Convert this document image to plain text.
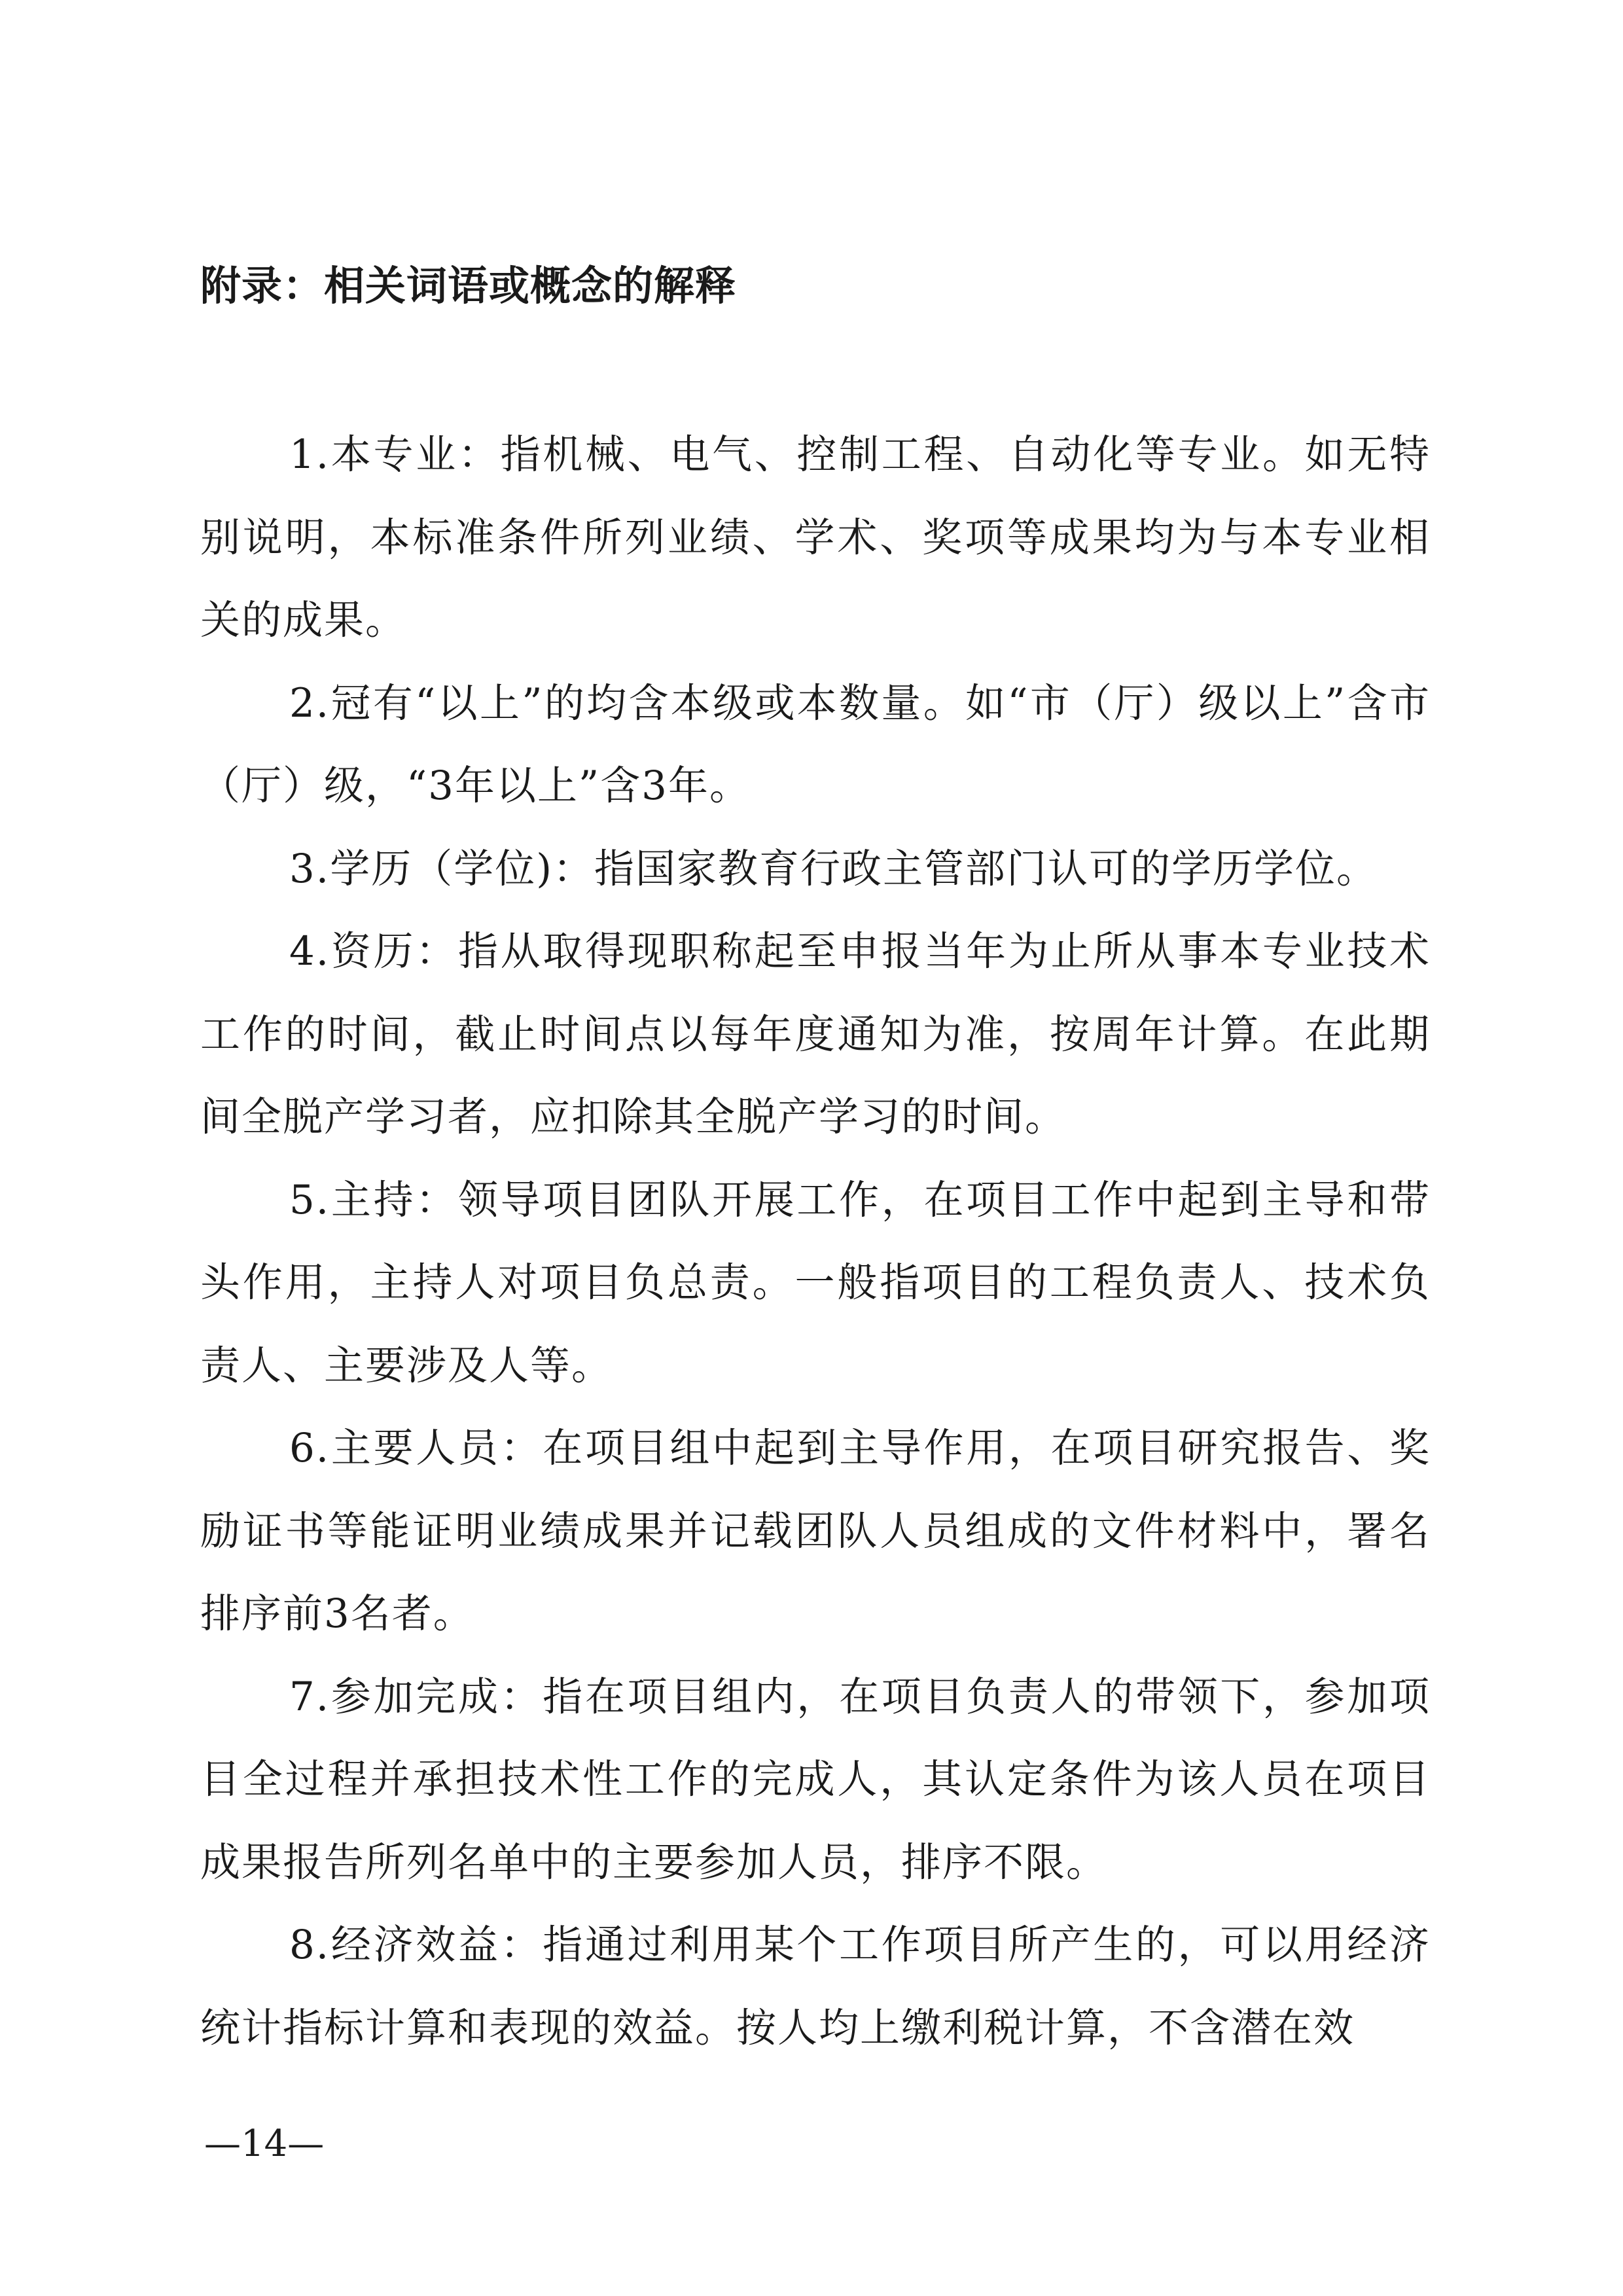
附录：相关词语或概念的解释

1.本专业：指机械、电气、控制工程、自动化等专业。如无特别说明，本标准条件所列业绩、学术、奖项等成果均为与本专业相关的成果。

2.冠有“以上”的均含本级或本数量。如“市（厅）级以上”含市（厅）级，“3年以上”含3年。

3.学历（学位)：指国家教育行政主管部门认可的学历学位。

4.资历：指从取得现职称起至申报当年为止所从事本专业技术工作的时间，截止时间点以每年度通知为准，按周年计算。在此期间全脱产学习者，应扣除其全脱产学习的时间。

5.主持：领导项目团队开展工作，在项目工作中起到主导和带头作用，主持人对项目负总责。一般指项目的工程负责人、技术负责人、主要涉及人等。

6.主要人员：在项目组中起到主导作用，在项目研究报告、奖励证书等能证明业绩成果并记载团队人员组成的文件材料中，署名排序前3名者。

7.参加完成：指在项目组内，在项目负责人的带领下，参加项目全过程并承担技术性工作的完成人，其认定条件为该人员在项目成果报告所列名单中的主要参加人员，排序不限。

8.经济效益：指通过利用某个工作项目所产生的，可以用经济统计指标计算和表现的效益。按人均上缴利税计算，不含潜在效

—14—
